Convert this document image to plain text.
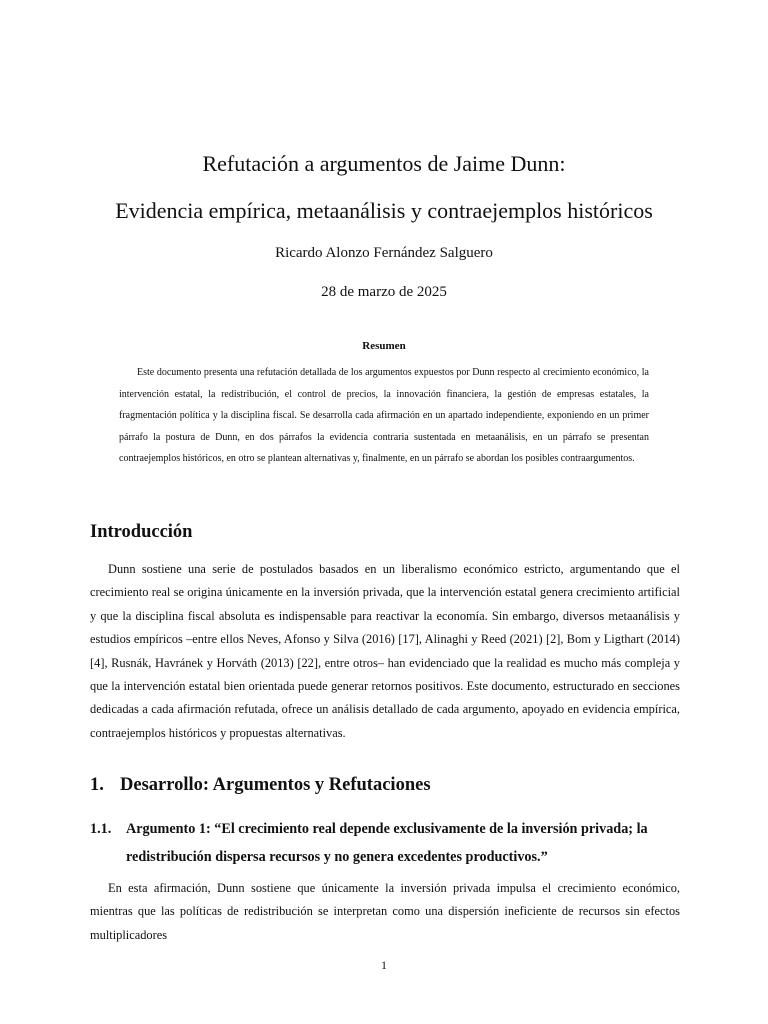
Refutación a argumentos de Jaime Dunn:
Evidencia empírica, metaanálisis y contraejemplos históricos
Ricardo Alonzo Fernández Salguero
28 de marzo de 2025
Resumen

Este documento presenta una refutación detallada de los argumentos expuestos por Dunn respecto al crecimiento económico, la intervención estatal, la redistribución, el control de precios, la innovación financiera, la gestión de empresas estatales, la fragmentación política y la disciplina fiscal. Se desarrolla cada afirmación en un apartado independiente, exponiendo en un primer párrafo la postura de Dunn, en dos párrafos la evidencia contraria sustentada en metaanálisis, en un párrafo se presentan contraejemplos históricos, en otro se plantean alternativas y, finalmente, en un párrafo se abordan los posibles contraargumentos.

Introducción

Dunn sostiene una serie de postulados basados en un liberalismo económico estricto, argumentando que el crecimiento real se origina únicamente en la inversión privada, que la intervención estatal genera crecimiento artificial y que la disciplina fiscal absoluta es indispensable para reactivar la economía. Sin embargo, diversos metaanálisis y estudios empíricos –entre ellos Neves, Afonso y Silva (2016) [17], Alinaghi y Reed (2021) [2], Bom y Ligthart (2014) [4], Rusnák, Havránek y Horváth (2013) [22], entre otros– han evidenciado que la realidad es mucho más compleja y que la intervención estatal bien orientada puede generar retornos positivos. Este documento, estructurado en secciones dedicadas a cada afirmación refutada, ofrece un análisis detallado de cada argumento, apoyado en evidencia empírica, contraejemplos históricos y propuestas alternativas.

1. Desarrollo: Argumentos y Refutaciones
1.1.	Argumento 1: “El crecimiento real depende exclusivamente de la inversión privada; la redistribución dispersa recursos y no genera excedentes productivos.”

En esta afirmación, Dunn sostiene que únicamente la inversión privada impulsa el crecimiento económico, mientras que las políticas de redistribución se interpretan como una dispersión ineficiente de recursos sin efectos multiplicadores

1
